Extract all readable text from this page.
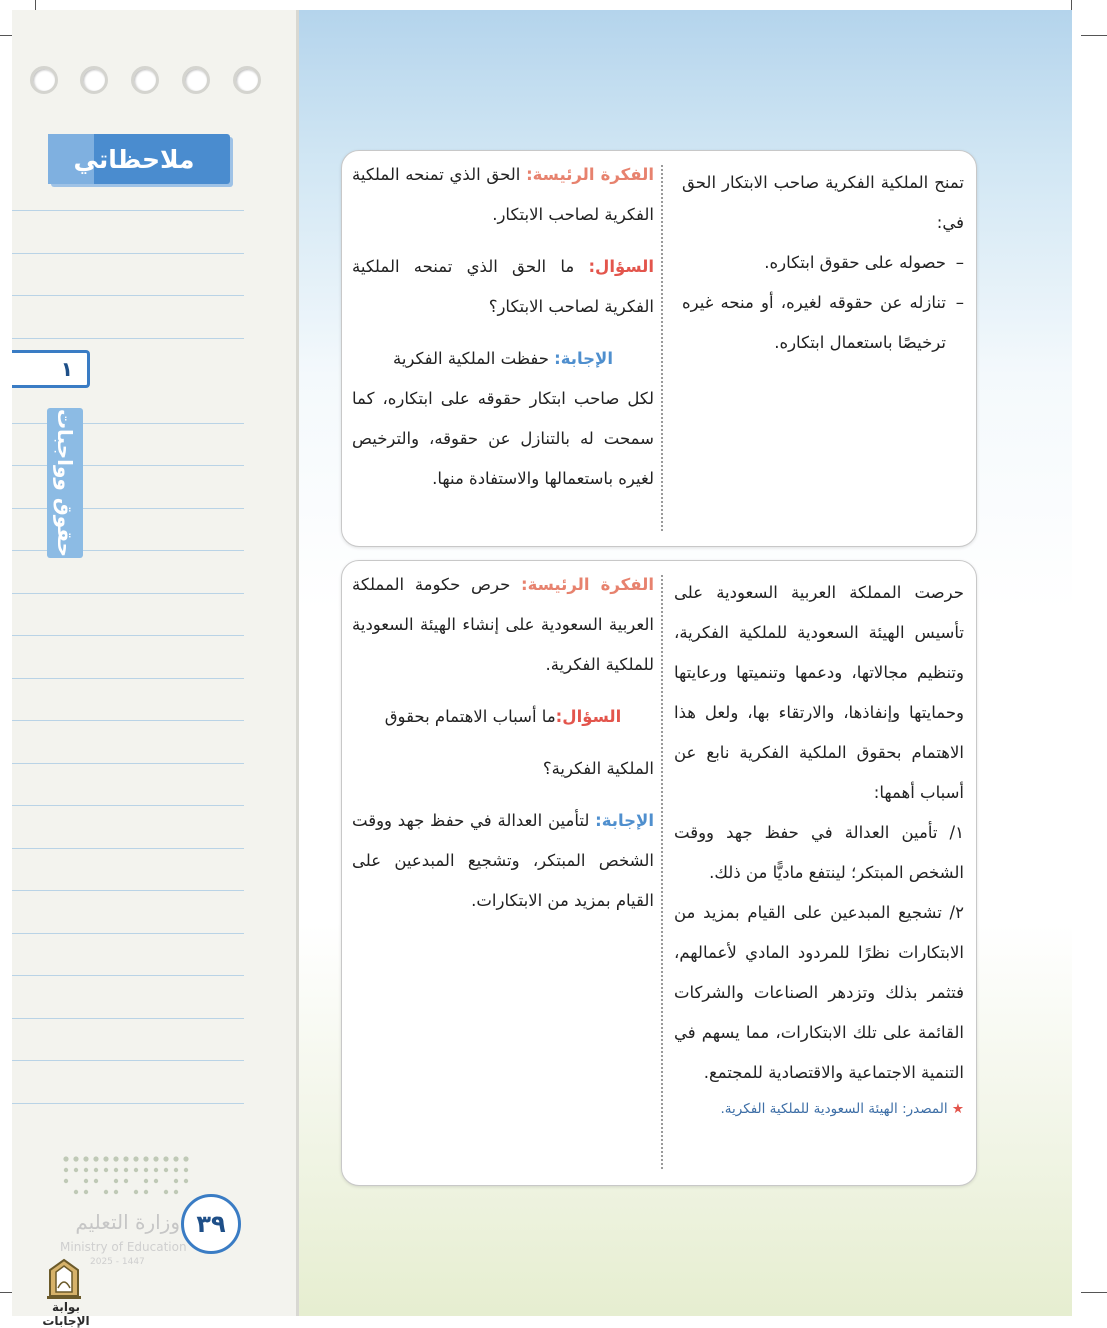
ملاحظاتي
١
حقوق وواجبات
وزارة التعليم
Ministry of Education
2025 - 1447
٣٩
بوابة الإجابات

تمنح الملكية الفكرية صاحب الابتكار الحق في:

– حصوله على حقوق ابتكاره.

– تنازله عن حقوقه لغيره، أو منحه غيره ترخيصًا باستعمال ابتكاره.

الفكرة الرئيسة: الحق الذي تمنحه الملكية الفكرية لصاحب الابتكار.

السؤال: ما الحق الذي تمنحه الملكية الفكرية لصاحب الابتكار؟

الإجابة: حفظت الملكية الفكرية

لكل صاحب ابتكار حقوقه على ابتكاره، كما سمحت له بالتنازل عن حقوقه، والترخيص لغيره باستعمالها والاستفادة منها.

حرصت المملكة العربية السعودية على تأسيس الهيئة السعودية للملكية الفكرية، وتنظيم مجالاتها، ودعمها وتنميتها ورعايتها وحمايتها وإنفاذها، والارتقاء بها، ولعل هذا الاهتمام بحقوق الملكية الفكرية نابع عن أسباب أهمها:

١/ تأمين العدالة في حفظ جهد ووقت الشخص المبتكر؛ لينتفع ماديًّا من ذلك.

٢/ تشجيع المبدعين على القيام بمزيد من الابتكارات نظرًا للمردود المادي لأعمالهم، فتثمر بذلك وتزدهر الصناعات والشركات القائمة على تلك الابتكارات، مما يسهم في التنمية الاجتماعية والاقتصادية للمجتمع.

★ المصدر: الهيئة السعودية للملكية الفكرية.

الفكرة الرئيسة: حرص حكومة المملكة العربية السعودية على إنشاء الهيئة السعودية للملكية الفكرية.

السؤال:ما أسباب الاهتمام بحقوق

الملكية الفكرية؟

الإجابة: لتأمين العدالة في حفظ جهد ووقت الشخص المبتكر، وتشجيع المبدعين على القيام بمزيد من الابتكارات.
